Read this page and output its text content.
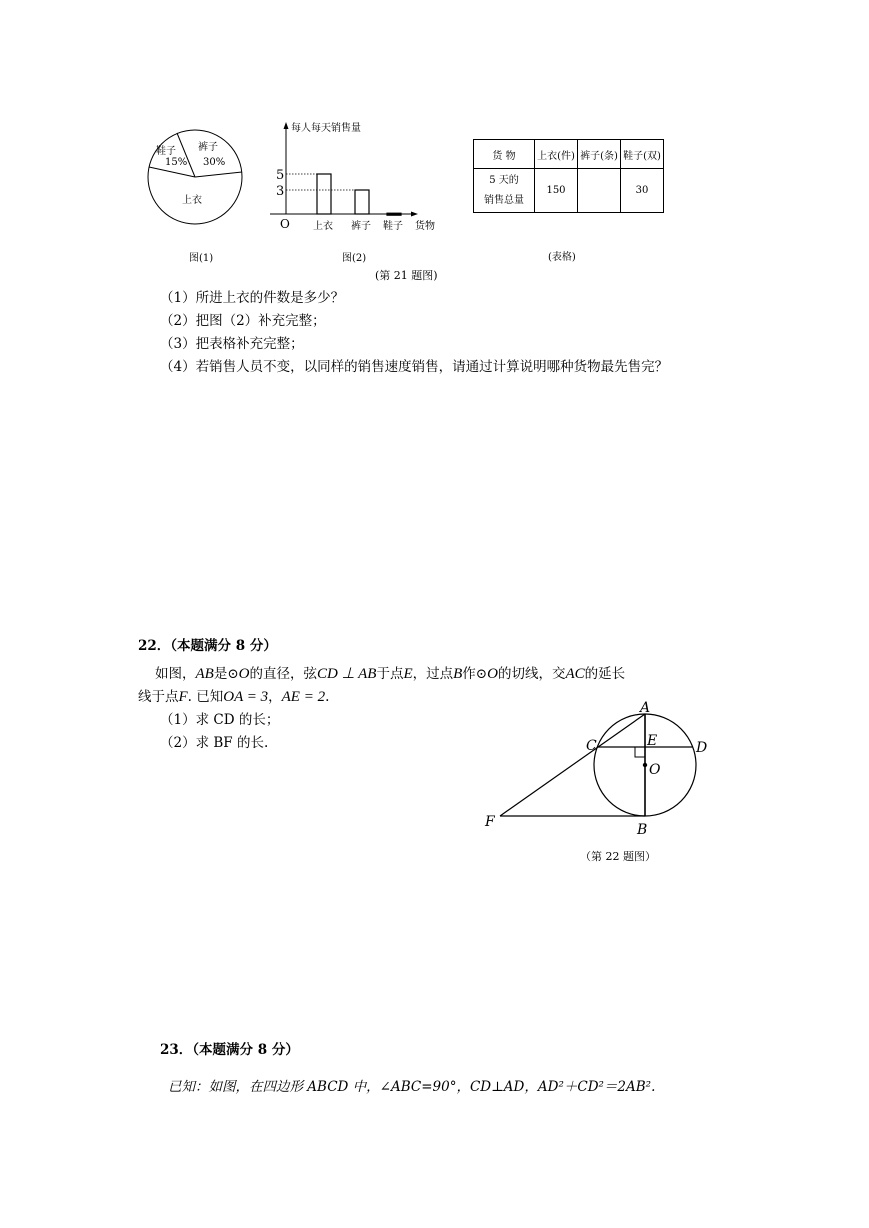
鞋子
15%
裤子
30%
上衣
图(1)
每人每天销售量
O	货物
上衣 裤子 鞋子
3
5
图(2)
货 物	上衣(件)	裤子(条)	鞋子(双)

5 天的
销售总量	150		30
(表格)
(第 21 题图)
（1）所进上衣的件数是多少？
（2）把图（2）补充完整；
（3）把表格补充完整；
（4）若销售人员不变，以同样的销售速度销售，请通过计算说明哪种货物最先售完？
22．（本题满分 8 分）
如图，AB是⊙O的直径，弦CD ⊥ AB于点E，过点B作⊙O的切线，交AC的延长
线于点F. 已知OA = 3，AE = 2.
（1）求 CD 的长；
（2）求 BF 的长.
A
C	E	D
O
F	B
（第 22 题图）
23．（本题满分 8 分）
已知：如图，在四边形 ABCD 中，∠ABC=90°，CD⊥AD，AD²＋CD²＝2AB².
